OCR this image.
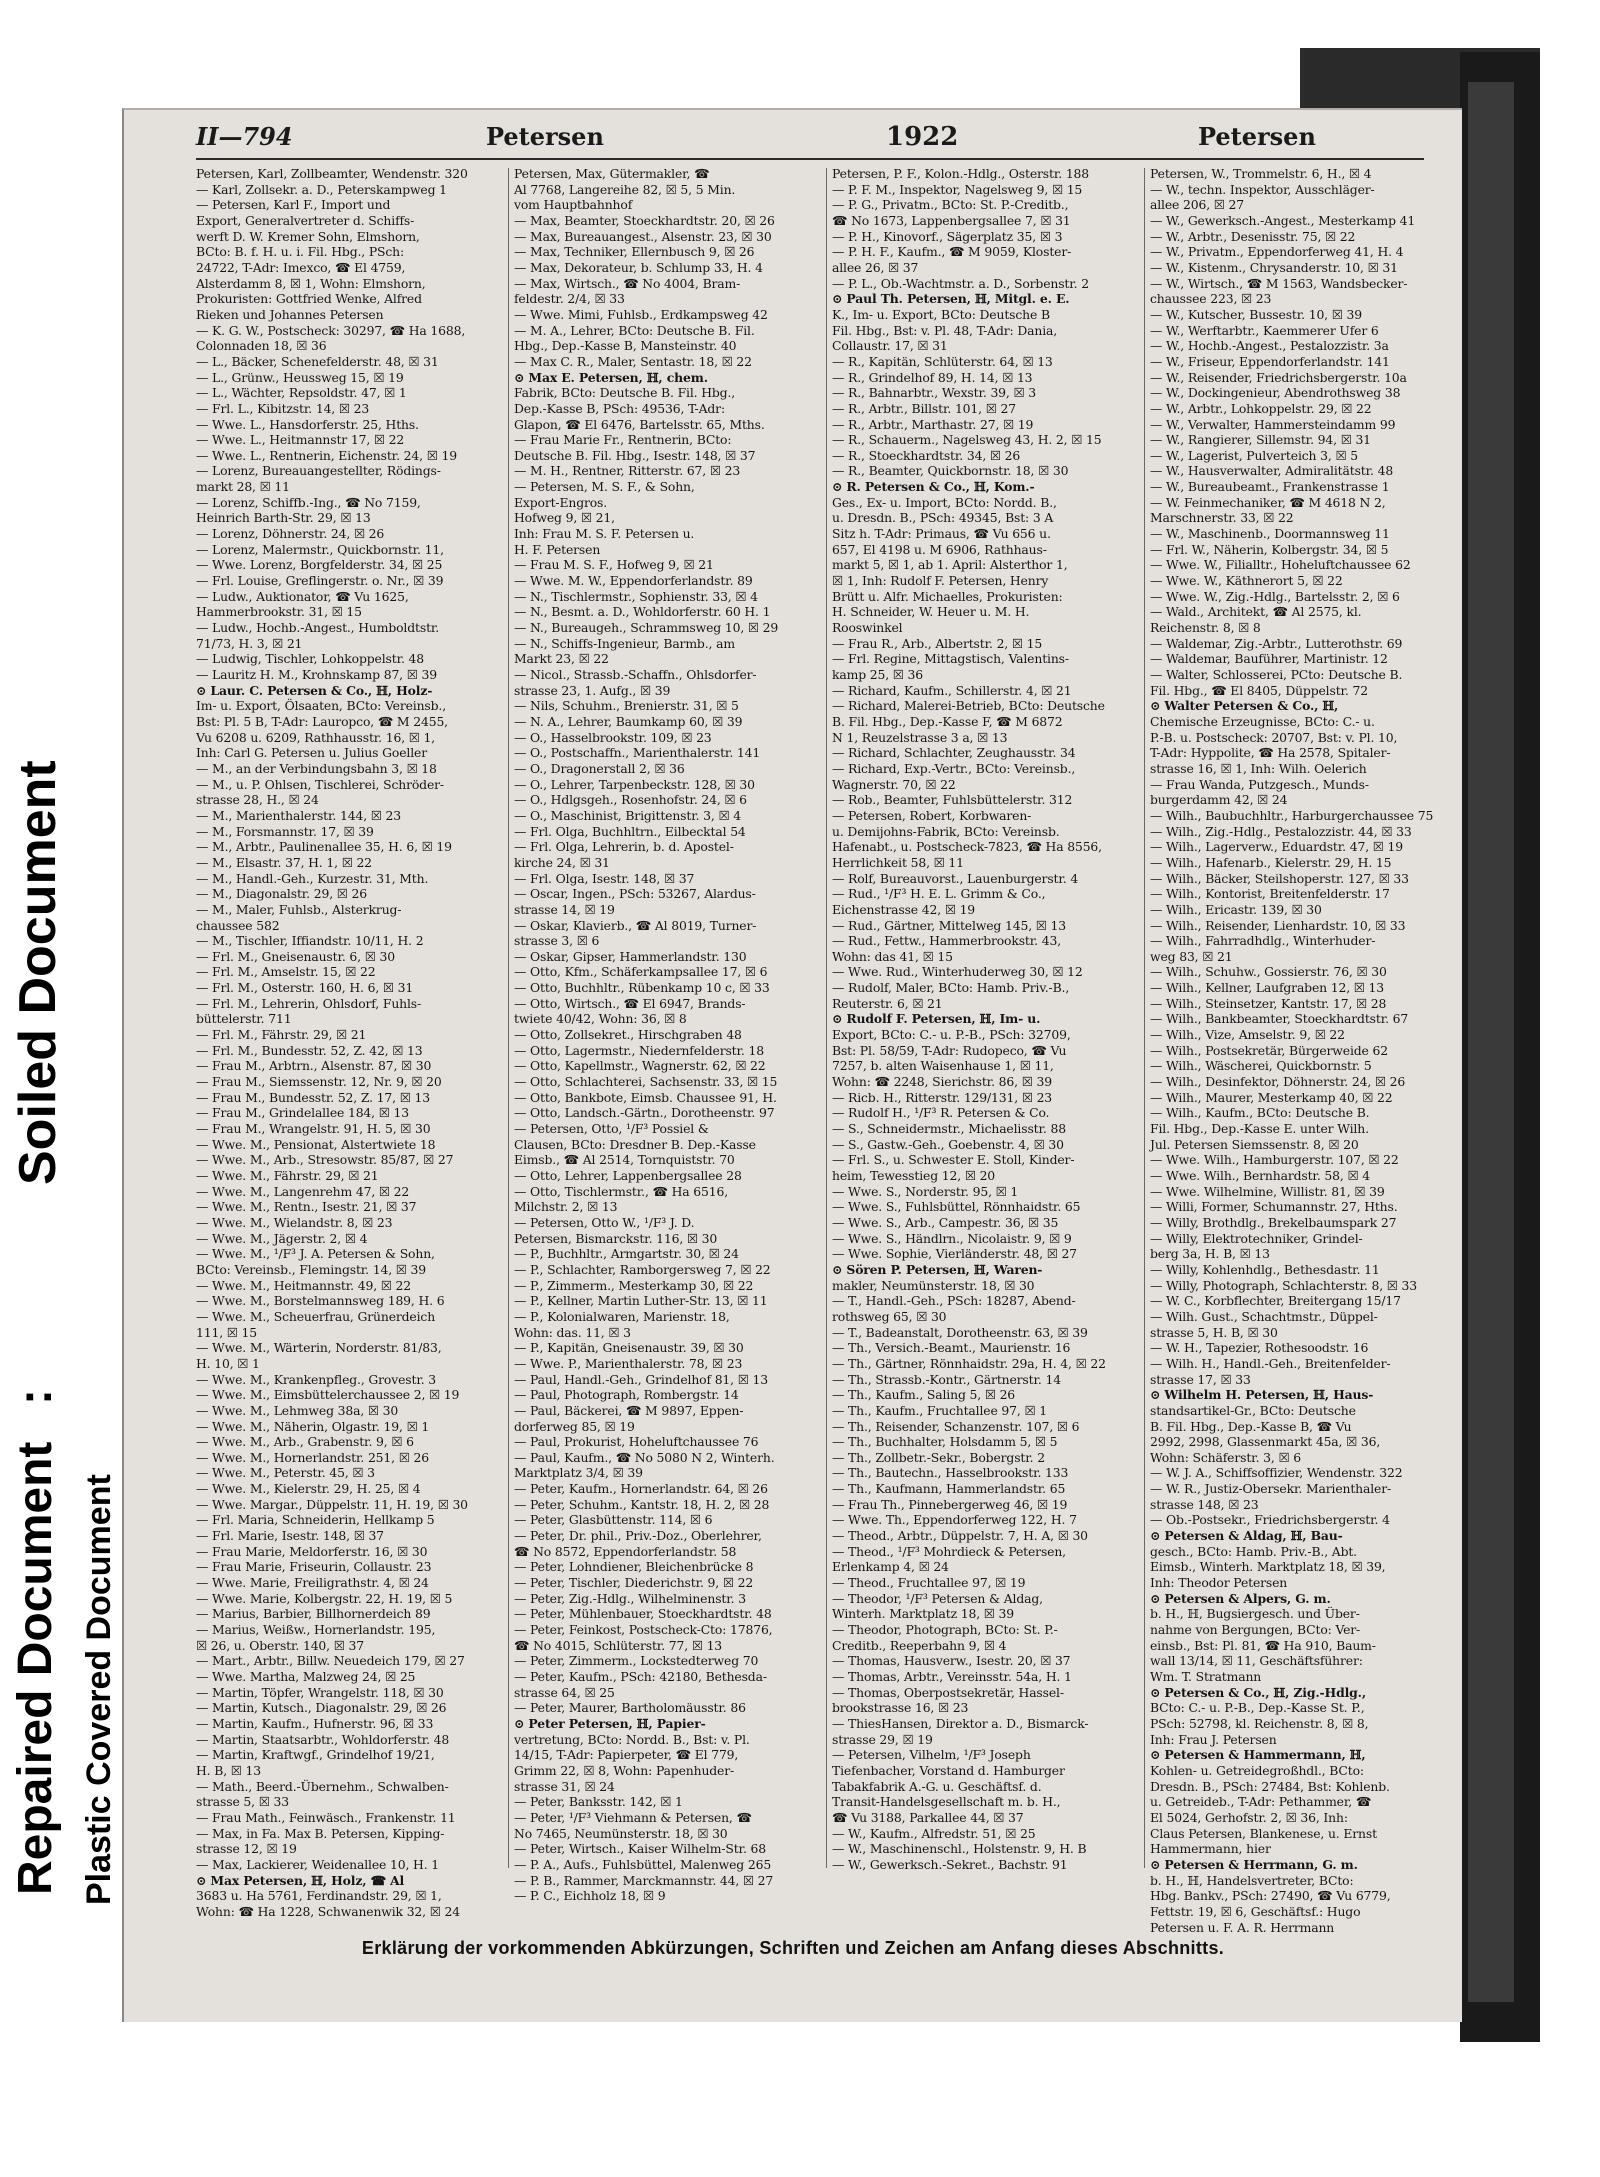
Soiled Document
:
Repaired Document Plastic Covered Document
II—794	Petersen	1922	Petersen
Petersen, Karl, Zollbeamter, Wendenstr. 320
— Karl, Zollsekr. a. D., Peterskampweg 1
— Petersen, Karl F., Import und
Export, Generalvertreter d. Schiffs-
werft D. W. Kremer Sohn, Elmshorn,
BCto: B. f. H. u. i. Fil. Hbg., PSch:
24722, T-Adr: Imexco, ☎ El 4759,
Alsterdamm 8, ☒ 1, Wohn: Elmshorn,
Prokuristen: Gottfried Wenke, Alfred
Rieken und Johannes Petersen
— K. G. W., Postscheck: 30297, ☎ Ha 1688,
Colonnaden 18, ☒ 36
— L., Bäcker, Schenefelderstr. 48, ☒ 31
— L., Grünw., Heussweg 15, ☒ 19
— L., Wächter, Repsoldstr. 47, ☒ 1
— Frl. L., Kibitzstr. 14, ☒ 23
— Wwe. L., Hansdorferstr. 25, Hths.
— Wwe. L., Heitmannstr 17, ☒ 22
— Wwe. L., Rentnerin, Eichenstr. 24, ☒ 19
— Lorenz, Bureauangestellter, Rödings-
markt 28, ☒ 11
— Lorenz, Schiffb.-Ing., ☎ No 7159,
Heinrich Barth-Str. 29, ☒ 13
— Lorenz, Döhnerstr. 24, ☒ 26
— Lorenz, Malermstr., Quickbornstr. 11,
— Wwe. Lorenz, Borgfelderstr. 34, ☒ 25
— Frl. Louise, Greflingerstr. o. Nr., ☒ 39
— Ludw., Auktionator, ☎ Vu 1625,
Hammerbrookstr. 31, ☒ 15
— Ludw., Hochb.-Angest., Humboldtstr.
71/73, H. 3, ☒ 21
— Ludwig, Tischler, Lohkoppelstr. 48
— Lauritz H. M., Krohnskamp 87, ☒ 39
⊙ Laur. C. Petersen & Co., ℍ, Holz-
Im- u. Export, Ölsaaten, BCto: Vereinsb.,
Bst: Pl. 5 B, T-Adr: Lauropco, ☎ M 2455,
Vu 6208 u. 6209, Rathhausstr. 16, ☒ 1,
Inh: Carl G. Petersen u. Julius Goeller
— M., an der Verbindungsbahn 3, ☒ 18
— M., u. P. Ohlsen, Tischlerei, Schröder-
strasse 28, H., ☒ 24
— M., Marienthalerstr. 144, ☒ 23
— M., Forsmannstr. 17, ☒ 39
— M., Arbtr., Paulinenallee 35, H. 6, ☒ 19
— M., Elsastr. 37, H. 1, ☒ 22
— M., Handl.-Geh., Kurzestr. 31, Mth.
— M., Diagonalstr. 29, ☒ 26
— M., Maler, Fuhlsb., Alsterkrug-
chaussee 582
— M., Tischler, Iffiandstr. 10/11, H. 2
— Frl. M., Gneisenaustr. 6, ☒ 30
— Frl. M., Amselstr. 15, ☒ 22
— Frl. M., Osterstr. 160, H. 6, ☒ 31
— Frl. M., Lehrerin, Ohlsdorf, Fuhls-
büttelerstr. 711
— Frl. M., Fährstr. 29, ☒ 21
— Frl. M., Bundesstr. 52, Z. 42, ☒ 13
— Frau M., Arbtrn., Alsenstr. 87, ☒ 30
— Frau M., Siemssenstr. 12, Nr. 9, ☒ 20
— Frau M., Bundesstr. 52, Z. 17, ☒ 13
— Frau M., Grindelallee 184, ☒ 13
— Frau M., Wrangelstr. 91, H. 5, ☒ 30
— Wwe. M., Pensionat, Alstertwiete 18
— Wwe. M., Arb., Stresowstr. 85/87, ☒ 27
— Wwe. M., Fährstr. 29, ☒ 21
— Wwe. M., Langenrehm 47, ☒ 22
— Wwe. M., Rentn., Isestr. 21, ☒ 37
— Wwe. M., Wielandstr. 8, ☒ 23
— Wwe. M., Jägerstr. 2, ☒ 4
— Wwe. M., ¹/F³ J. A. Petersen & Sohn,
BCto: Vereinsb., Flemingstr. 14, ☒ 39
— Wwe. M., Heitmannstr. 49, ☒ 22
— Wwe. M., Borstelmannsweg 189, H. 6
— Wwe. M., Scheuerfrau, Grünerdeich
111, ☒ 15
— Wwe. M., Wärterin, Norderstr. 81/83,
H. 10, ☒ 1
— Wwe. M., Krankenpfleg., Grovestr. 3
— Wwe. M., Eimsbüttelerchaussee 2, ☒ 19
— Wwe. M., Lehmweg 38a, ☒ 30
— Wwe. M., Näherin, Olgastr. 19, ☒ 1
— Wwe. M., Arb., Grabenstr. 9, ☒ 6
— Wwe. M., Hornerlandstr. 251, ☒ 26
— Wwe. M., Peterstr. 45, ☒ 3
— Wwe. M., Kielerstr. 29, H. 25, ☒ 4
— Wwe. Margar., Düppelstr. 11, H. 19, ☒ 30
— Frl. Maria, Schneiderin, Hellkamp 5
— Frl. Marie, Isestr. 148, ☒ 37
— Frau Marie, Meldorferstr. 16, ☒ 30
— Frau Marie, Friseurin, Collaustr. 23
— Wwe. Marie, Freiligrathstr. 4, ☒ 24
— Wwe. Marie, Kolbergstr. 22, H. 19, ☒ 5
— Marius, Barbier, Billhornerdeich 89
— Marius, Weißw., Hornerlandstr. 195,
☒ 26, u. Oberstr. 140, ☒ 37
— Mart., Arbtr., Billw. Neuedeich 179, ☒ 27
— Wwe. Martha, Malzweg 24, ☒ 25
— Martin, Töpfer, Wrangelstr. 118, ☒ 30
— Martin, Kutsch., Diagonalstr. 29, ☒ 26
— Martin, Kaufm., Hufnerstr. 96, ☒ 33
— Martin, Staatsarbtr., Wohldorferstr. 48
— Martin, Kraftwgf., Grindelhof 19/21,
H. B, ☒ 13
— Math., Beerd.-Übernehm., Schwalben-
strasse 5, ☒ 33
— Frau Math., Feinwäsch., Frankenstr. 11
— Max, in Fa. Max B. Petersen, Kipping-
strasse 12, ☒ 19
— Max, Lackierer, Weidenallee 10, H. 1
⊙ Max Petersen, ℍ, Holz, ☎ Al
3683 u. Ha 5761, Ferdinandstr. 29, ☒ 1,
Wohn: ☎ Ha 1228, Schwanenwik 32, ☒ 24
Petersen, Max, Gütermakler, ☎
Al 7768, Langereihe 82, ☒ 5, 5 Min.
vom Hauptbahnhof
— Max, Beamter, Stoeckhardtstr. 20, ☒ 26
— Max, Bureauangest., Alsenstr. 23, ☒ 30
— Max, Techniker, Ellernbusch 9, ☒ 26
— Max, Dekorateur, b. Schlump 33, H. 4
— Max, Wirtsch., ☎ No 4004, Bram-
feldestr. 2/4, ☒ 33
— Wwe. Mimi, Fuhlsb., Erdkampsweg 42
— M. A., Lehrer, BCto: Deutsche B. Fil.
Hbg., Dep.-Kasse B, Mansteinstr. 40
— Max C. R., Maler, Sentastr. 18, ☒ 22
⊙ Max E. Petersen, ℍ, chem.
Fabrik, BCto: Deutsche B. Fil. Hbg.,
Dep.-Kasse B, PSch: 49536, T-Adr:
Glapon, ☎ El 6476, Bartelsstr. 65, Mths.
— Frau Marie Fr., Rentnerin, BCto:
Deutsche B. Fil. Hbg., Isestr. 148, ☒ 37
— M. H., Rentner, Ritterstr. 67, ☒ 23
— Petersen, M. S. F., & Sohn,
Export-Engros.
Hofweg 9, ☒ 21,
Inh: Frau M. S. F. Petersen u.
H. F. Petersen
— Frau M. S. F., Hofweg 9, ☒ 21
— Wwe. M. W., Eppendorferlandstr. 89
— N., Tischlermstr., Sophienstr. 33, ☒ 4
— N., Besmt. a. D., Wohldorferstr. 60 H. 1
— N., Bureaugeh., Schrammsweg 10, ☒ 29
— N., Schiffs-Ingenieur, Barmb., am
Markt 23, ☒ 22
— Nicol., Strassb.-Schaffn., Ohlsdorfer-
strasse 23, 1. Aufg., ☒ 39
— Nils, Schuhm., Brenierstr. 31, ☒ 5
— N. A., Lehrer, Baumkamp 60, ☒ 39
— O., Hasselbrookstr. 109, ☒ 23
— O., Postschaffn., Marienthalerstr. 141
— O., Dragonerstall 2, ☒ 36
— O., Lehrer, Tarpenbeckstr. 128, ☒ 30
— O., Hdlgsgeh., Rosenhofstr. 24, ☒ 6
— O., Maschinist, Brigittenstr. 3, ☒ 4
— Frl. Olga, Buchhltrn., Eilbecktal 54
— Frl. Olga, Lehrerin, b. d. Apostel-
kirche 24, ☒ 31
— Frl. Olga, Isestr. 148, ☒ 37
— Oscar, Ingen., PSch: 53267, Alardus-
strasse 14, ☒ 19
— Oskar, Klavierb., ☎ Al 8019, Turner-
strasse 3, ☒ 6
— Oskar, Gipser, Hammerlandstr. 130
— Otto, Kfm., Schäferkampsallee 17, ☒ 6
— Otto, Buchhltr., Rübenkamp 10 c, ☒ 33
— Otto, Wirtsch., ☎ El 6947, Brands-
twiete 40/42, Wohn: 36, ☒ 8
— Otto, Zollsekret., Hirschgraben 48
— Otto, Lagermstr., Niedernfelderstr. 18
— Otto, Kapellmstr., Wagnerstr. 62, ☒ 22
— Otto, Schlachterei, Sachsenstr. 33, ☒ 15
— Otto, Bankbote, Eimsb. Chaussee 91, H.
— Otto, Landsch.-Gärtn., Dorotheenstr. 97
— Petersen, Otto, ¹/F³ Possiel &
Clausen, BCto: Dresdner B. Dep.-Kasse
Eimsb., ☎ Al 2514, Tornquiststr. 70
— Otto, Lehrer, Lappenbergsallee 28
— Otto, Tischlermstr., ☎ Ha 6516,
Milchstr. 2, ☒ 13
— Petersen, Otto W., ¹/F³ J. D.
Petersen, Bismarckstr. 116, ☒ 30
— P., Buchhltr., Armgartstr. 30, ☒ 24
— P., Schlachter, Ramborgersweg 7, ☒ 22
— P., Zimmerm., Mesterkamp 30, ☒ 22
— P., Kellner, Martin Luther-Str. 13, ☒ 11
— P., Kolonialwaren, Marienstr. 18,
Wohn: das. 11, ☒ 3
— P., Kapitän, Gneisenaustr. 39, ☒ 30
— Wwe. P., Marienthalerstr. 78, ☒ 23
— Paul, Handl.-Geh., Grindelhof 81, ☒ 13
— Paul, Photograph, Rombergstr. 14
— Paul, Bäckerei, ☎ M 9897, Eppen-
dorferweg 85, ☒ 19
— Paul, Prokurist, Hoheluftchaussee 76
— Paul, Kaufm., ☎ No 5080 N 2, Winterh.
Marktplatz 3/4, ☒ 39
— Peter, Kaufm., Hornerlandstr. 64, ☒ 26
— Peter, Schuhm., Kantstr. 18, H. 2, ☒ 28
— Peter, Glasbüttenstr. 114, ☒ 6
— Peter, Dr. phil., Priv.-Doz., Oberlehrer,
☎ No 8572, Eppendorferlandstr. 58
— Peter, Lohndiener, Bleichenbrücke 8
— Peter, Tischler, Diederichstr. 9, ☒ 22
— Peter, Zig.-Hdlg., Wilhelminenstr. 3
— Peter, Mühlenbauer, Stoeckhardtstr. 48
— Peter, Feinkost, Postscheck-Cto: 17876,
☎ No 4015, Schlüterstr. 77, ☒ 13
— Peter, Zimmerm., Lockstedterweg 70
— Peter, Kaufm., PSch: 42180, Bethesda-
strasse 64, ☒ 25
— Peter, Maurer, Bartholomäusstr. 86
⊙ Peter Petersen, ℍ, Papier-
vertretung, BCto: Nordd. B., Bst: v. Pl.
14/15, T-Adr: Papierpeter, ☎ El 779,
Grimm 22, ☒ 8, Wohn: Papenhuder-
strasse 31, ☒ 24
— Peter, Banksstr. 142, ☒ 1
— Peter, ¹/F³ Viehmann & Petersen, ☎
No 7465, Neumünsterstr. 18, ☒ 30
— Peter, Wirtsch., Kaiser Wilhelm-Str. 68
— P. A., Aufs., Fuhlsbüttel, Malenweg 265
— P. B., Rammer, Marckmannstr. 44, ☒ 27
— P. C., Eichholz 18, ☒ 9
Petersen, P. F., Kolon.-Hdlg., Osterstr. 188
— P. F. M., Inspektor, Nagelsweg 9, ☒ 15
— P. G., Privatm., BCto: St. P.-Creditb.,
☎ No 1673, Lappenbergsallee 7, ☒ 31
— P. H., Kinovorf., Sägerplatz 35, ☒ 3
— P. H. F., Kaufm., ☎ M 9059, Kloster-
allee 26, ☒ 37
— P. L., Ob.-Wachtmstr. a. D., Sorbenstr. 2
⊙ Paul Th. Petersen, ℍ, Mitgl. e. E.
K., Im- u. Export, BCto: Deutsche B
Fil. Hbg., Bst: v. Pl. 48, T-Adr: Dania,
Collaustr. 17, ☒ 31
— R., Kapitän, Schlüterstr. 64, ☒ 13
— R., Grindelhof 89, H. 14, ☒ 13
— R., Bahnarbtr., Wexstr. 39, ☒ 3
— R., Arbtr., Billstr. 101, ☒ 27
— R., Arbtr., Marthastr. 27, ☒ 19
— R., Schauerm., Nagelsweg 43, H. 2, ☒ 15
— R., Stoeckhardtstr. 34, ☒ 26
— R., Beamter, Quickbornstr. 18, ☒ 30
⊙ R. Petersen & Co., ℍ, Kom.-
Ges., Ex- u. Import, BCto: Nordd. B.,
u. Dresdn. B., PSch: 49345, Bst: 3 A
Sitz h. T-Adr: Primaus, ☎ Vu 656 u.
657, El 4198 u. M 6906, Rathhaus-
markt 5, ☒ 1, ab 1. April: Alsterthor 1,
☒ 1, Inh: Rudolf F. Petersen, Henry
Brütt u. Alfr. Michaelles, Prokuristen:
H. Schneider, W. Heuer u. M. H.
Rooswinkel
— Frau R., Arb., Albertstr. 2, ☒ 15
— Frl. Regine, Mittagstisch, Valentins-
kamp 25, ☒ 36
— Richard, Kaufm., Schillerstr. 4, ☒ 21
— Richard, Malerei-Betrieb, BCto: Deutsche
B. Fil. Hbg., Dep.-Kasse F, ☎ M 6872
N 1, Reuzelstrasse 3 a, ☒ 13
— Richard, Schlachter, Zeughausstr. 34
— Richard, Exp.-Vertr., BCto: Vereinsb.,
Wagnerstr. 70, ☒ 22
— Rob., Beamter, Fuhlsbüttelerstr. 312
— Petersen, Robert, Korbwaren-
u. Demijohns-Fabrik, BCto: Vereinsb.
Hafenabt., u. Postscheck-7823, ☎ Ha 8556,
Herrlichkeit 58, ☒ 11
— Rolf, Bureauvorst., Lauenburgerstr. 4
— Rud., ¹/F³ H. E. L. Grimm & Co.,
Eichenstrasse 42, ☒ 19
— Rud., Gärtner, Mittelweg 145, ☒ 13
— Rud., Fettw., Hammerbrookstr. 43,
Wohn: das 41, ☒ 15
— Wwe. Rud., Winterhuderweg 30, ☒ 12
— Rudolf, Maler, BCto: Hamb. Priv.-B.,
Reuterstr. 6, ☒ 21
⊙ Rudolf F. Petersen, ℍ, Im- u.
Export, BCto: C.- u. P.-B., PSch: 32709,
Bst: Pl. 58/59, T-Adr: Rudopeco, ☎ Vu
7257, b. alten Waisenhause 1, ☒ 11,
Wohn: ☎ 2248, Sierichstr. 86, ☒ 39
— Ricb. H., Ritterstr. 129/131, ☒ 23
— Rudolf H., ¹/F³ R. Petersen & Co.
— S., Schneidermstr., Michaelisstr. 88
— S., Gastw.-Geh., Goebenstr. 4, ☒ 30
— Frl. S., u. Schwester E. Stoll, Kinder-
heim, Tewesstieg 12, ☒ 20
— Wwe. S., Norderstr. 95, ☒ 1
— Wwe. S., Fuhlsbüttel, Rönnhaidstr. 65
— Wwe. S., Arb., Campestr. 36, ☒ 35
— Wwe. S., Händlrn., Nicolaistr. 9, ☒ 9
— Wwe. Sophie, Vierländerstr. 48, ☒ 27
⊙ Sören P. Petersen, ℍ, Waren-
makler, Neumünsterstr. 18, ☒ 30
— T., Handl.-Geh., PSch: 18287, Abend-
rothsweg 65, ☒ 30
— T., Badeanstalt, Dorotheenstr. 63, ☒ 39
— Th., Versich.-Beamt., Maurienstr. 16
— Th., Gärtner, Rönnhaidstr. 29a, H. 4, ☒ 22
— Th., Strassb.-Kontr., Gärtnerstr. 14
— Th., Kaufm., Saling 5, ☒ 26
— Th., Kaufm., Fruchtallee 97, ☒ 1
— Th., Reisender, Schanzenstr. 107, ☒ 6
— Th., Buchhalter, Holsdamm 5, ☒ 5
— Th., Zollbetr.-Sekr., Bobergstr. 2
— Th., Bautechn., Hasselbrookstr. 133
— Th., Kaufmann, Hammerlandstr. 65
— Frau Th., Pinnebergerweg 46, ☒ 19
— Wwe. Th., Eppendorferweg 122, H. 7
— Theod., Arbtr., Düppelstr. 7, H. A, ☒ 30
— Theod., ¹/F³ Mohrdieck & Petersen,
Erlenkamp 4, ☒ 24
— Theod., Fruchtallee 97, ☒ 19
— Theodor, ¹/F³ Petersen & Aldag,
Winterh. Marktplatz 18, ☒ 39
— Theodor, Photograph, BCto: St. P.-
Creditb., Reeperbahn 9, ☒ 4
— Thomas, Hausverw., Isestr. 20, ☒ 37
— Thomas, Arbtr., Vereinsstr. 54a, H. 1
— Thomas, Oberpostsekretär, Hassel-
brookstrasse 16, ☒ 23
— ThiesHansen, Direktor a. D., Bismarck-
strasse 29, ☒ 19
— Petersen, Vilhelm, ¹/F³ Joseph
Tiefenbacher, Vorstand d. Hamburger
Tabakfabrik A.-G. u. Geschäftsf. d.
Transit-Handelsgesellschaft m. b. H.,
☎ Vu 3188, Parkallee 44, ☒ 37
— W., Kaufm., Alfredstr. 51, ☒ 25
— W., Maschinenschl., Holstenstr. 9, H. B
— W., Gewerksch.-Sekret., Bachstr. 91
Petersen, W., Trommelstr. 6, H., ☒ 4
— W., techn. Inspektor, Ausschläger-
allee 206, ☒ 27
— W., Gewerksch.-Angest., Mesterkamp 41
— W., Arbtr., Desenisstr. 75, ☒ 22
— W., Privatm., Eppendorferweg 41, H. 4
— W., Kistenm., Chrysanderstr. 10, ☒ 31
— W., Wirtsch., ☎ M 1563, Wandsbecker-
chaussee 223, ☒ 23
— W., Kutscher, Bussestr. 10, ☒ 39
— W., Werftarbtr., Kaemmerer Ufer 6
— W., Hochb.-Angest., Pestalozzistr. 3a
— W., Friseur, Eppendorferlandstr. 141
— W., Reisender, Friedrichsbergerstr. 10a
— W., Dockingenieur, Abendrothsweg 38
— W., Arbtr., Lohkoppelstr. 29, ☒ 22
— W., Verwalter, Hammersteindamm 99
— W., Rangierer, Sillemstr. 94, ☒ 31
— W., Lagerist, Pulverteich 3, ☒ 5
— W., Hausverwalter, Admiralitätstr. 48
— W., Bureaubeamt., Frankenstrasse 1
— W. Feinmechaniker, ☎ M 4618 N 2,
Marschnerstr. 33, ☒ 22
— W., Maschinenb., Doormannsweg 11
— Frl. W., Näherin, Kolbergstr. 34, ☒ 5
— Wwe. W., Filialltr., Hoheluftchaussee 62
— Wwe. W., Käthnerort 5, ☒ 22
— Wwe. W., Zig.-Hdlg., Bartelsstr. 2, ☒ 6
— Wald., Architekt, ☎ Al 2575, kl.
Reichenstr. 8, ☒ 8
— Waldemar, Zig.-Arbtr., Lutterothstr. 69
— Waldemar, Bauführer, Martinistr. 12
— Walter, Schlosserei, PCto: Deutsche B.
Fil. Hbg., ☎ El 8405, Düppelstr. 72
⊙ Walter Petersen & Co., ℍ,
Chemische Erzeugnisse, BCto: C.- u.
P.-B. u. Postscheck: 20707, Bst: v. Pl. 10,
T-Adr: Hyppolite, ☎ Ha 2578, Spitaler-
strasse 16, ☒ 1, Inh: Wilh. Oelerich
— Frau Wanda, Putzgesch., Munds-
burgerdamm 42, ☒ 24
— Wilh., Baubuchhltr., Harburgerchaussee 75
— Wilh., Zig.-Hdlg., Pestalozzistr. 44, ☒ 33
— Wilh., Lagerverw., Eduardstr. 47, ☒ 19
— Wilh., Hafenarb., Kielerstr. 29, H. 15
— Wilh., Bäcker, Steilshoperstr. 127, ☒ 33
— Wilh., Kontorist, Breitenfelderstr. 17
— Wilh., Ericastr. 139, ☒ 30
— Wilh., Reisender, Lienhardstr. 10, ☒ 33
— Wilh., Fahrradhdlg., Winterhuder-
weg 83, ☒ 21
— Wilh., Schuhw., Gossierstr. 76, ☒ 30
— Wilh., Kellner, Laufgraben 12, ☒ 13
— Wilh., Steinsetzer, Kantstr. 17, ☒ 28
— Wilh., Bankbeamter, Stoeckhardtstr. 67
— Wilh., Vize, Amselstr. 9, ☒ 22
— Wilh., Postsekretär, Bürgerweide 62
— Wilh., Wäscherei, Quickbornstr. 5
— Wilh., Desinfektor, Döhnerstr. 24, ☒ 26
— Wilh., Maurer, Mesterkamp 40, ☒ 22
— Wilh., Kaufm., BCto: Deutsche B.
Fil. Hbg., Dep.-Kasse E. unter Wilh.
Jul. Petersen Siemssenstr. 8, ☒ 20
— Wwe. Wilh., Hamburgerstr. 107, ☒ 22
— Wwe. Wilh., Bernhardstr. 58, ☒ 4
— Wwe. Wilhelmine, Willistr. 81, ☒ 39
— Willi, Former, Schumannstr. 27, Hths.
— Willy, Brothdlg., Brekelbaumspark 27
— Willy, Elektrotechniker, Grindel-
berg 3a, H. B, ☒ 13
— Willy, Kohlenhdlg., Bethesdastr. 11
— Willy, Photograph, Schlachterstr. 8, ☒ 33
— W. C., Korbflechter, Breitergang 15/17
— Wilh. Gust., Schachtmstr., Düppel-
strasse 5, H. B, ☒ 30
— W. H., Tapezier, Rothesoodstr. 16
— Wilh. H., Handl.-Geh., Breitenfelder-
strasse 17, ☒ 33
⊙ Wilhelm H. Petersen, ℍ, Haus-
standsartikel-Gr., BCto: Deutsche
B. Fil. Hbg., Dep.-Kasse B, ☎ Vu
2992, 2998, Glassenmarkt 45a, ☒ 36,
Wohn: Schäferstr. 3, ☒ 6
— W. J. A., Schiffsoffizier, Wendenstr. 322
— W. R., Justiz-Obersekr. Marienthaler-
strasse 148, ☒ 23
— Ob.-Postsekr., Friedrichsbergerstr. 4
⊙ Petersen & Aldag, ℍ, Bau-
gesch., BCto: Hamb. Priv.-B., Abt.
Eimsb., Winterh. Marktplatz 18, ☒ 39,
Inh: Theodor Petersen
⊙ Petersen & Alpers, G. m.
b. H., ℍ, Bugsiergesch. und Über-
nahme von Bergungen, BCto: Ver-
einsb., Bst: Pl. 81, ☎ Ha 910, Baum-
wall 13/14, ☒ 11, Geschäftsführer:
Wm. T. Stratmann
⊙ Petersen & Co., ℍ, Zig.-Hdlg.,
BCto: C.- u. P.-B., Dep.-Kasse St. P.,
PSch: 52798, kl. Reichenstr. 8, ☒ 8,
Inh: Frau J. Petersen
⊙ Petersen & Hammermann, ℍ,
Kohlen- u. Getreidegroßhdl., BCto:
Dresdn. B., PSch: 27484, Bst: Kohlenb.
u. Getreideb., T-Adr: Pethammer, ☎
El 5024, Gerhofstr. 2, ☒ 36, Inh:
Claus Petersen, Blankenese, u. Ernst
Hammermann, hier
⊙ Petersen & Herrmann, G. m.
b. H., ℍ, Handelsvertreter, BCto:
Hbg. Bankv., PSch: 27490, ☎ Vu 6779,
Fettstr. 19, ☒ 6, Geschäftsf.: Hugo
Petersen u. F. A. R. Herrmann
Erklärung der vorkommenden Abkürzungen, Schriften und Zeichen am Anfang dieses Abschnitts.
